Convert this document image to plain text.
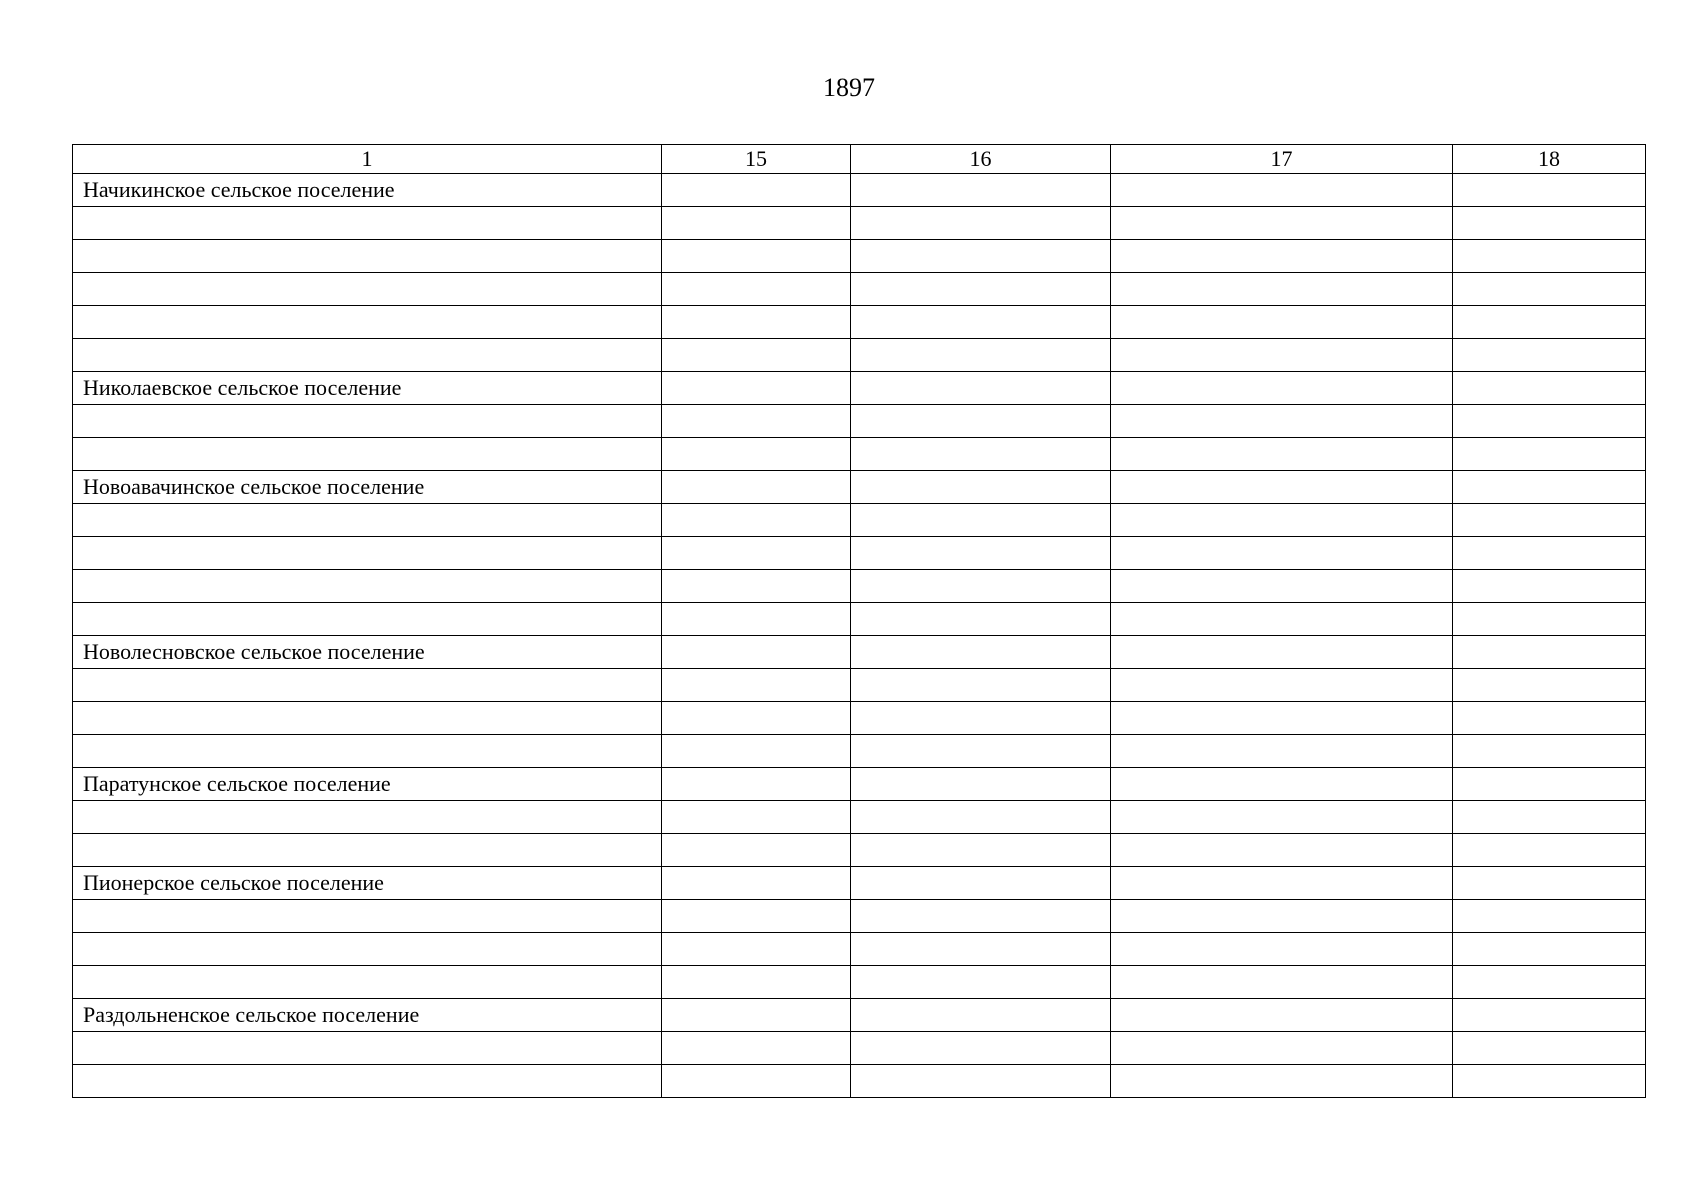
1897
1	15	16	17	18
Начикинское сельское поселение				

Николаевское сельское поселение				

Новоавачинское сельское поселение				

Новолесновское сельское поселение				

Паратунское сельское поселение				

Пионерское сельское поселение				

Раздольненское сельское поселение				
